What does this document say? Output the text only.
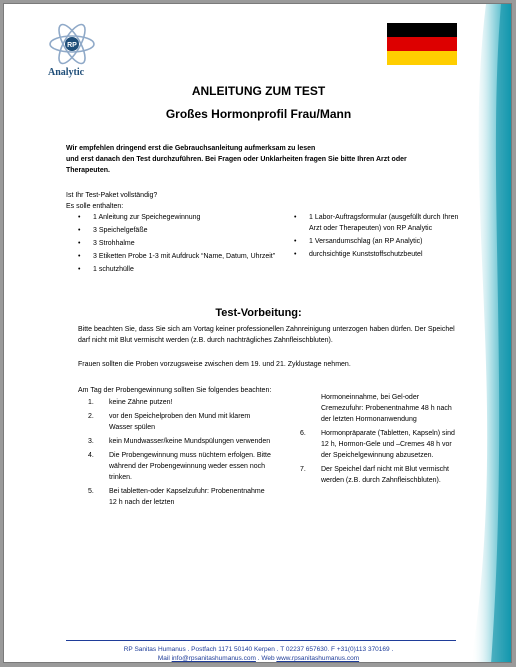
RP
Analytic
ANLEITUNG ZUM TEST
Großes Hormonprofil Frau/Mann
Wir empfehlen dringend erst die Gebrauchsanleitung aufmerksam zu lesen
und erst danach den Test durchzuführen. Bei Fragen oder Unklarheiten fragen Sie bitte Ihren Arzt oder
Therapeuten.
Ist Ihr Test-Paket vollständig?
Es solle enthalten:
• 1 Anleitung zur Speichegewinnung
• 3 Speichelgefäße
• 3 Strohhalme
• 3 Etiketten Probe 1-3 mit Aufdruck “Name, Datum, Uhrzeit”
• 1 schutzhülle
• 1 Labor-Auftragsformular (ausgefüllt durch Ihren Arzt oder Therapeuten) von RP Analytic
• 1 Versandumschlag (an RP Analytic)
• durchsichtige Kunststoffschutzbeutel
Test-Vorbeitung:
Bitte beachten Sie, dass Sie sich am Vortag keiner professionellen Zahnreinigung unterzogen haben dürfen. Der Speichel darf nicht mit Blut vermischt werden (z.B. durch nachträgliches Zahnfleischbluten).
Frauen sollten die Proben vorzugsweise zwischen dem 19. und 21. Zyklustage nehmen.
Am Tag der Probengewinnung sollten Sie folgendes beachten:
1. keine Zähne putzen!
2. vor den Speichelproben den Mund mit klarem Wasser spülen
3. kein Mundwasser/keine Mundspülungen verwenden
4. Die Probengewinnung muss nüchtern erfolgen. Bitte während der Probengewinnung weder essen noch trinken.
5. Bei tabletten-oder Kapselzufuhr: Probenentnahme 12 h nach der letzten
Hormoneinnahme, bei Gel-oder Cremezufuhr: Probenentnahme 48 h nach der letzten Hormonanwendung
6. Hormonpräparate (Tabletten, Kapseln) sind 12 h, Hormon-Gele und –Cremes 48 h vor der Speichelgewinnung abzusetzen.
7. Der Speichel darf nicht mit Blut vermischt werden (z.B. durch Zahnfleischbluten).
RP Sanitas Humanus . Postfach 1171 50140 Kerpen . T 02237 657630. F +31(0)113 370169 .
Mail info@rpsanitashumanus.com . Web www.rpsanitashumanus.com
